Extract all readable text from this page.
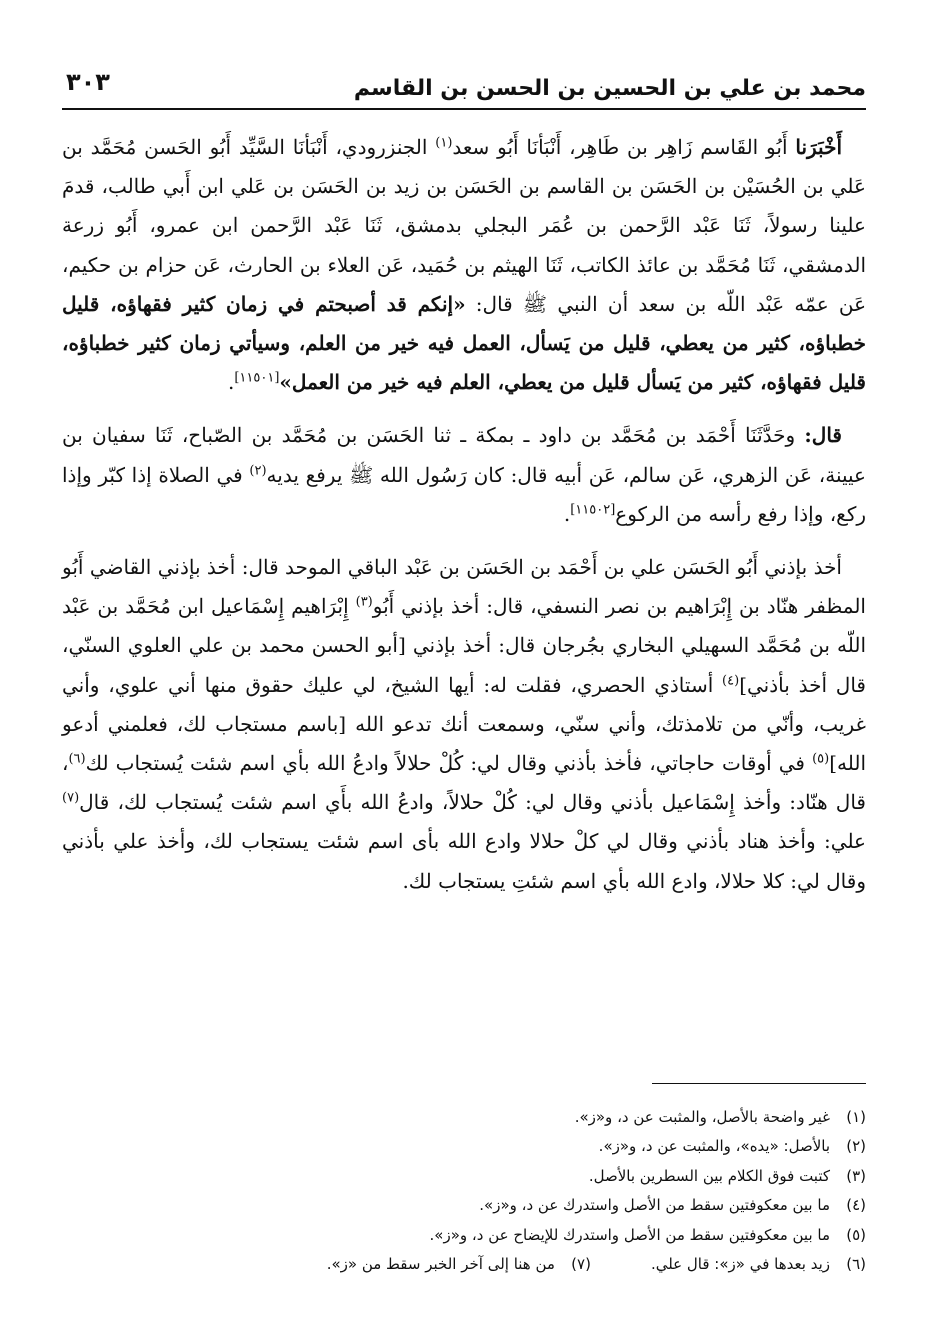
محمد بن علي بن الحسين بن الحسن بن القاسم
٣٠٣

أَخْبَرَنا أَبُو القَاسم زَاهِر بن طَاهِر، أَنْبَأنَا أَبُو سعد$^{(١)}$ الجنزرودي، أَنْبَأنَا السَّيِّد أَبُو الحَسن مُحَمَّد بن عَلي بن الحُسَيْن بن الحَسَن بن القاسم بن الحَسَن بن زيد بن الحَسَن بن عَلي ابن أَبي طالب، قدمَ علينا رسولاً، ثَنَا عَبْد الرَّحمن بن عُمَر البجلي بدمشق، ثَنَا عَبْد الرَّحمن ابن عمرو، أَبُو زرعة الدمشقي، ثَنَا مُحَمَّد بن عائذ الكاتب، ثَنَا الهيثم بن حُمَيد، عَن العلاء بن الحارث، عَن حزام بن حكيم، عَن عمّه عَبْد اللّه بن سعد أن النبي ﷺ قال: «إنكم قد أصبحتم في زمان كثير فقهاؤه، قليل خطباؤه، كثير من يعطي، قليل من يَسأل، العمل فيه خير من العلم، وسيأتي زمان كثير خطباؤه، قليل فقهاؤه، كثير من يَسأل قليل من يعطي، العلم فيه خير من العمل»[١١٥٠١].

قال: وحَدَّثَنَا أَحْمَد بن مُحَمَّد بن داود ـ بمكة ـ ثنا الحَسَن بن مُحَمَّد بن الصّباح، ثَنَا سفيان بن عيينة، عَن الزهري، عَن سالم، عَن أبيه قال: كان رَسُول الله ﷺ يرفع يديه$^{(٢)}$ في الصلاة إذا كبّر وإذا ركع، وإذا رفع رأسه من الركوع[١١٥٠٢].

أخذ بإذني أَبُو الحَسَن علي بن أَحْمَد بن الحَسَن بن عَبْد الباقي الموحد قال: أخذ بإذني القاضي أَبُو المظفر هنّاد بن إِبْرَاهيم بن نصر النسفي، قال: أخذ بإذني أَبُو$^{(٣)}$ إِبْرَاهيم إِسْمَاعيل ابن مُحَمَّد بن عَبْد اللّه بن مُحَمَّد السهيلي البخاري بجُرجان قال: أخذ بإذني [أبو الحسن محمد بن علي العلوي السنّي، قال أخذ بأذني]$^{(٤)}$ أستاذي الحصري، فقلت له: أيها الشيخ، لي عليك حقوق منها أني علوي، وأني غريب، وأنّي من تلامذتك، وأني سنّي، وسمعت أنك تدعو الله [باسم مستجاب لك، فعلمني أدعو الله]$^{(٥)}$ في أوقات حاجاتي، فأخذ بأذني وقال لي: كُلْ حلالاً وادعُ الله بأي اسم شئت يُستجاب لك$^{(٦)}$، قال هنّاد: وأخذ إِسْمَاعيل بأذني وقال لي: كُلْ حلالاً، وادعُ الله بأَي اسم شئت يُستجاب لك، قال$^{(٧)}$ علي: وأخذ هناد بأذني وقال لي كلْ حلالا وادع الله بأى اسم شئت يستجاب لك، وأخذ علي بأذني وقال لي: كلا حلالا، وادع الله بأي اسم شئتِ يستجاب لك.

(١)غير واضحة بالأصل، والمثبت عن د، و«ز».

(٢)بالأصل: «يده»، والمثبت عن د، و«ز».

(٣)كتبت فوق الكلام بين السطرين بالأصل.

(٤)ما بين معكوفتين سقط من الأصل واستدرك عن د، و«ز».

(٥)ما بين معكوفتين سقط من الأصل واستدرك للإيضاح عن د، و«ز».

(٦)زيد بعدها في «ز»: قال علي.(٧)من هنا إلى آخر الخبر سقط من «ز».
